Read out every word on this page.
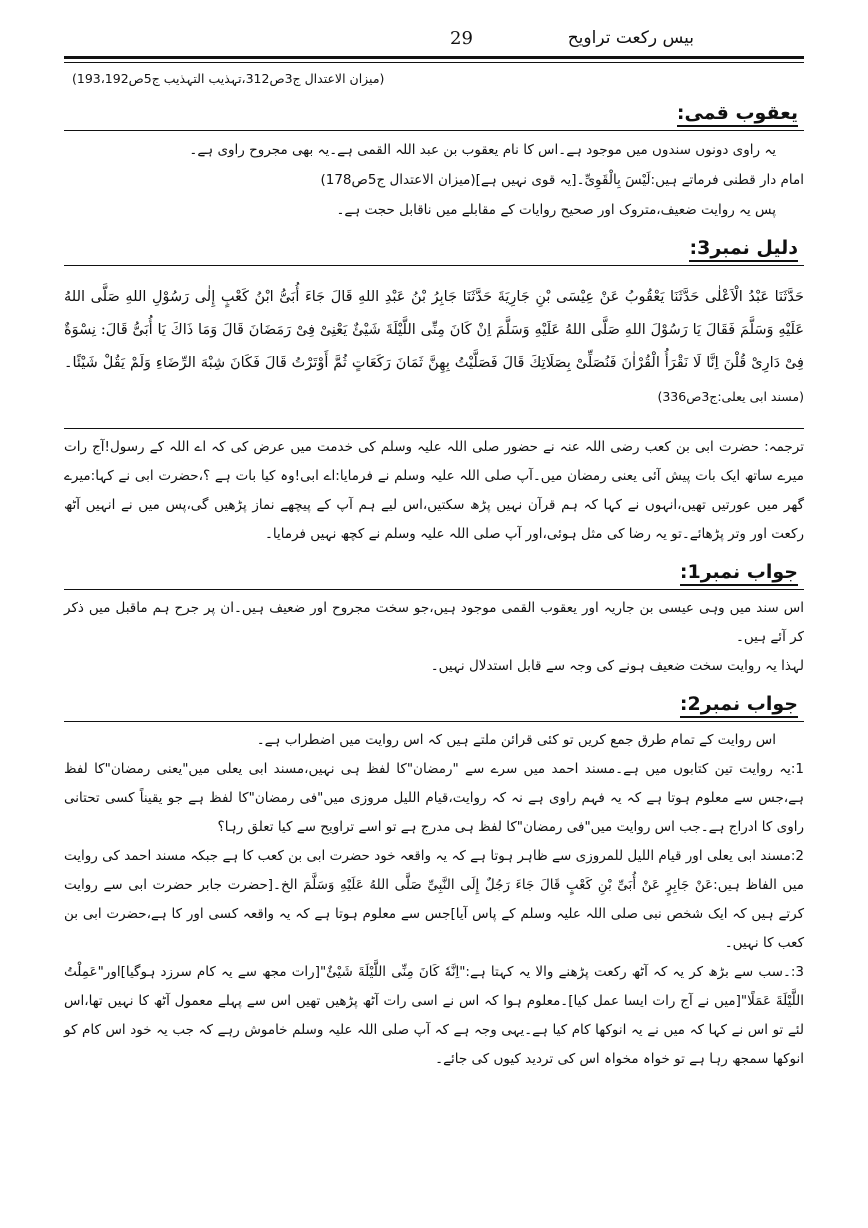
بیس رکعت تراویح
29
(میزان الاعتدال ج3ص312،تہذیب التہذیب ج5ص193،192)
یعقوب قمی:

یہ راوی دونوں سندوں میں موجود ہے۔اس کا نام یعقوب بن عبد اللہ القمی ہے۔یہ بھی مجروح راوی ہے۔

امام دار قطنی فرماتے ہیں:لَیْسَ بِالْقَوِیِّ۔[یہ قوی نہیں ہے](میزان الاعتدال ج5ص178)

پس یہ روایت ضعیف،متروک اور صحیح روایات کے مقابلے میں ناقابل حجت ہے۔

دلیل نمبر3:

حَدَّثَنَا عَبْدُ الْاَعْلٰى حَدَّثَنَا یَعْقُوبُ عَنْ عِیْسَى بْنِ جَارِیَةَ حَدَّثَنَا جَابِرُ بْنُ عَبْدِ اللهِ قَالَ جَاءَ أُبَیُّ ابْنُ كَعْبٍ إِلٰى رَسُوْلِ اللهِ صَلَّى اللهُ عَلَیْهِ وَسَلَّمَ فَقَالَ یَا رَسُوْلَ اللهِ صَلَّى اللهُ عَلَیْهِ وَسَلَّمَ اِنْ كَانَ مِنِّی اللَّیْلَةَ شَیْئٌ یَعْنِیْ فِیْ رَمَضَانَ قَالَ وَمَا ذَاكَ یَا أُبَیُّ قَالَ: نِسْوَةٌ فِیْ دَارِیْ قُلْنَ اِنَّا لَا نَقْرَأُ الْقُرْاٰنَ فَنُصَلِّیْ بِصَلَاتِكَ قَالَ فَصَلَّیْتُ بِهِنَّ ثَمَانَ رَكَعَاتٍ ثُمَّ أَوْتَرْتُ قَالَ فَكَانَ شِبْهَ الرِّضَاءِ وَلَمْ یَقُلْ شَیْئًا۔ (مسند ابی یعلی:ج3ص336)

ترجمہ: حضرت ابی بن کعب رضی اللہ عنہ نے حضور صلی اللہ علیہ وسلم کی خدمت میں عرض کی کہ اے اللہ کے رسول!آج رات میرے ساتھ ایک بات پیش آئی یعنی رمضان میں۔آپ صلی اللہ علیہ وسلم نے فرمایا:اے ابی!وہ کیا بات ہے ؟،حضرت ابی نے کہا:میرے گھر میں عورتیں تھیں،انہوں نے کہا کہ ہم قرآن نہیں پڑھ سکتیں،اس لیے ہم آپ کے پیچھے نماز پڑھیں گی،پس میں نے انہیں آٹھ رکعت اور وتر پڑھائے۔تو یہ رضا کی مثل ہوئی،اور آپ صلی اللہ علیہ وسلم نے کچھ نہیں فرمایا۔

جواب نمبر1:

اس سند میں وہی عیسی بن جاریہ اور یعقوب القمی موجود ہیں،جو سخت مجروح اور ضعیف ہیں۔ان پر جرح ہم ماقبل میں ذکر کر آئے ہیں۔

لہذا یہ روایت سخت ضعیف ہونے کی وجہ سے قابل استدلال نہیں۔

جواب نمبر2:

اس روایت کے تمام طرق جمع کریں تو کئی قرائن ملتے ہیں کہ اس روایت میں اضطراب ہے۔

1:یہ روایت تین کتابوں میں ہے۔مسند احمد میں سرے سے "رمضان"کا لفظ ہی نہیں،مسند ابی یعلی میں"یعنی رمضان"کا لفظ ہے،جس سے معلوم ہوتا ہے کہ یہ فہم راوی ہے نہ کہ روایت،قیام اللیل مروزی میں"فی رمضان"کا لفظ ہے جو یقیناً کسی تحتانی راوی کا ادراج ہے۔جب اس روایت میں"فی رمضان"کا لفظ ہی مدرج ہے تو اسے تراویح سے کیا تعلق رہا؟

2:مسند ابی یعلی اور قیام اللیل للمروزی سے ظاہر ہوتا ہے کہ یہ واقعہ خود حضرت ابی بن کعب کا ہے جبکہ مسند احمد کی روایت میں الفاظ ہیں:عَنْ جَابِرٍ عَنْ أُبَیِّ بْنِ كَعْبٍ قَالَ جَاءَ رَجُلٌ إِلَى النَّبِیِّ صَلَّى اللهُ عَلَیْهِ وَسَلَّمَ الخ۔[حضرت جابر حضرت ابی سے روایت کرتے ہیں کہ ایک شخص نبی صلی اللہ علیہ وسلم کے پاس آیا]جس سے معلوم ہوتا ہے کہ یہ واقعہ کسی اور کا ہے،حضرت ابی بن کعب کا نہیں۔

3:۔سب سے بڑھ کر یہ کہ آٹھ رکعت پڑھنے والا یہ کہتا ہے:"اِنَّهٗ كَانَ مِنِّی اللَّیْلَةَ شَیْئٌ"[رات مجھ سے یہ کام سرزد ہوگیا]اور"عَمِلْتُ اللَّیْلَةَ عَمَلًا"[میں نے آج رات ایسا عمل کیا]۔معلوم ہوا کہ اس نے اسی رات آٹھ پڑھیں تھیں اس سے پہلے معمول آٹھ کا نہیں تھا،اس لئے تو اس نے کہا کہ میں نے یہ انوکھا کام کیا ہے۔یہی وجہ ہے کہ آپ صلی اللہ علیہ وسلم خاموش رہے کہ جب یہ خود اس کام کو انوکھا سمجھ رہا ہے تو خواہ مخواہ اس کی تردید کیوں کی جائے۔
